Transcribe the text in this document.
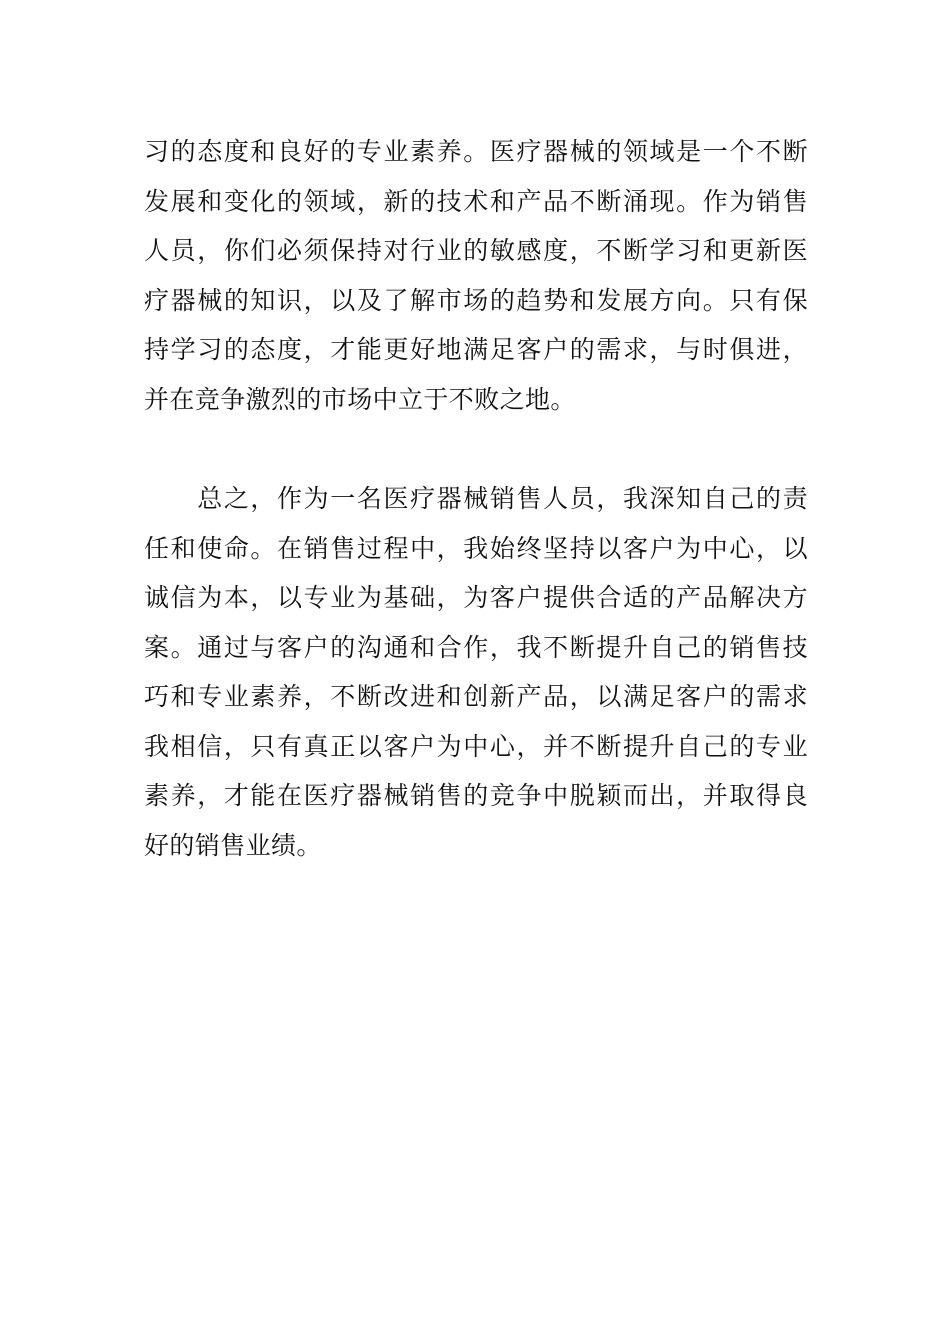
习的态度和良好的专业素养。医疗器械的领域是一个不断
发展和变化的领域，新的技术和产品不断涌现。作为销售
人员，你们必须保持对行业的敏感度，不断学习和更新医
疗器械的知识，以及了解市场的趋势和发展方向。只有保
持学习的态度，才能更好地满足客户的需求，与时俱进，
并在竞争激烈的市场中立于不败之地。
　　总之，作为一名医疗器械销售人员，我深知自己的责
任和使命。在销售过程中，我始终坚持以客户为中心，以
诚信为本，以专业为基础，为客户提供合适的产品解决方
案。通过与客户的沟通和合作，我不断提升自己的销售技
巧和专业素养，不断改进和创新产品，以满足客户的需求
我相信，只有真正以客户为中心，并不断提升自己的专业
素养，才能在医疗器械销售的竞争中脱颖而出，并取得良
好的销售业绩。
